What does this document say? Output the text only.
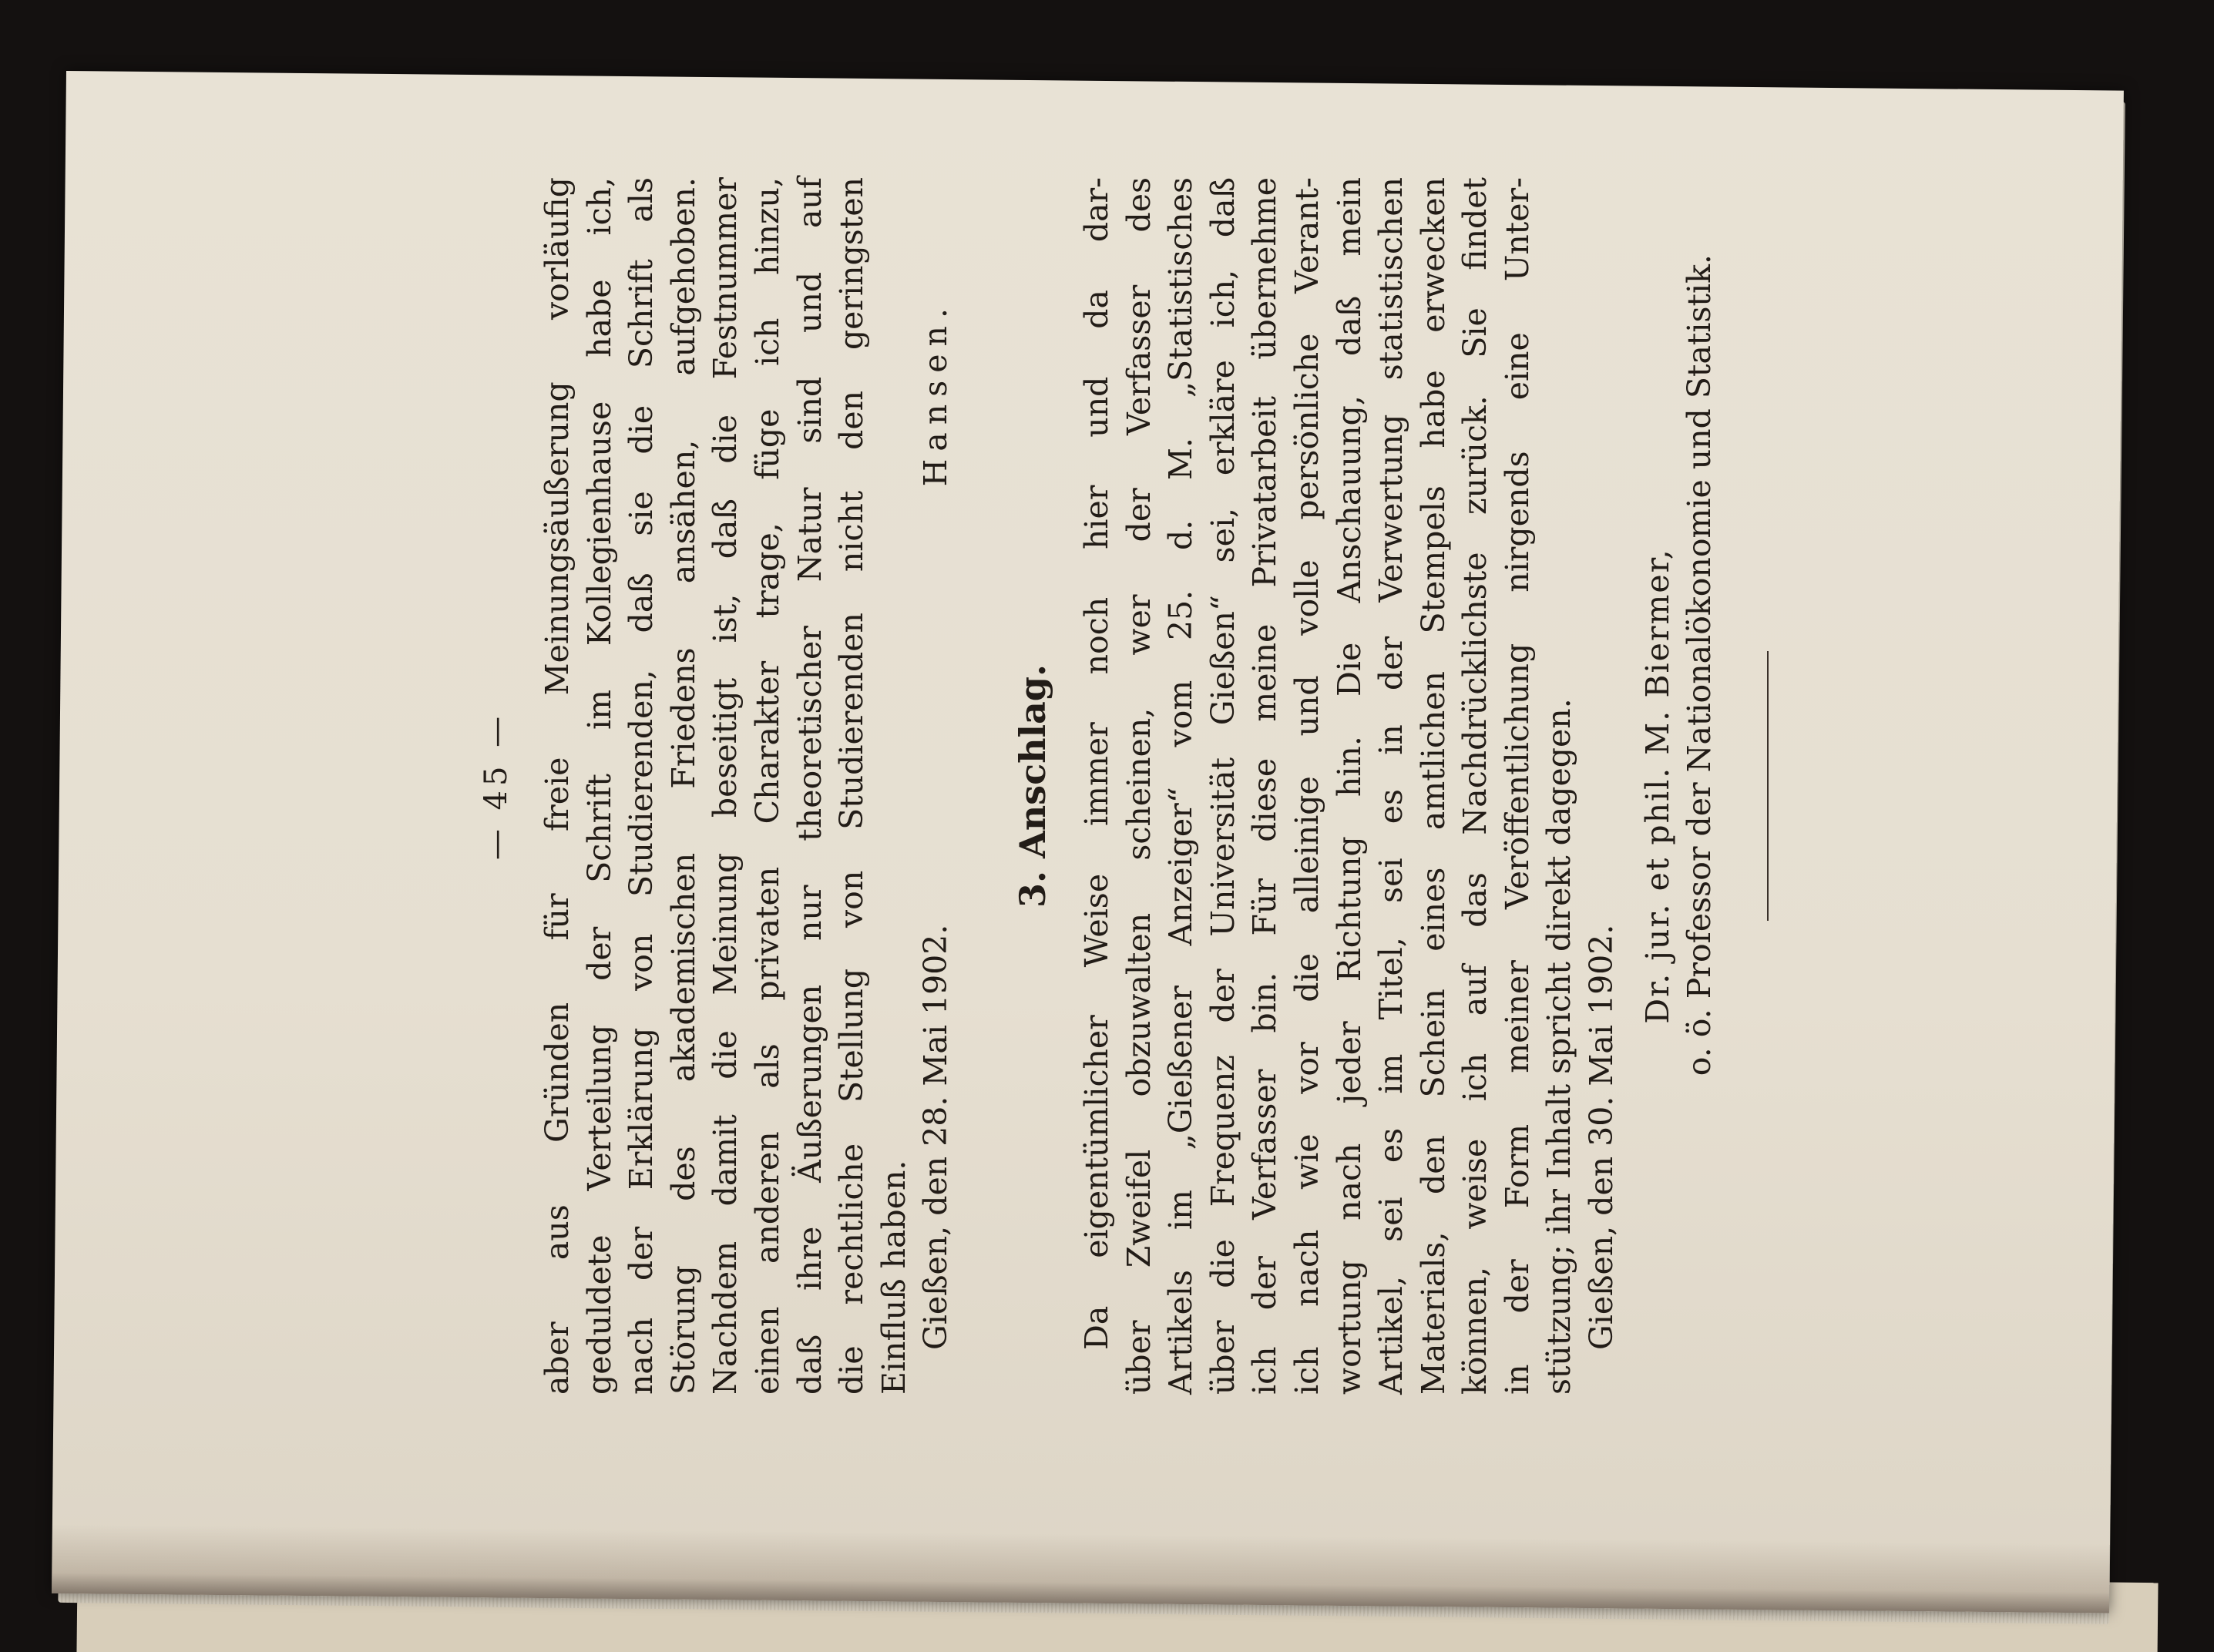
— 45 — aber aus Gründen für freie Meinungsäußerung vorläufig geduldete Verteilung der Schrift im Kollegienhause habe ich, nach der Erklärung von Studierenden, daß sie die Schrift als Störung des akademischen Friedens ansähen, aufgehoben. Nachdem damit die Meinung beseitigt ist, daß die Festnummer einen anderen als privaten Charakter trage, füge ich hinzu, daß ihre Äußerungen nur theoretischer Natur sind und auf die rechtliche Stellung von Studierenden nicht den geringsten Einfluß haben. Gießen, den 28. Mai 1902.
Hansen.
3. Anschlag. Da eigentümlicher Weise immer noch hier und da dar- über Zweifel obzuwalten scheinen, wer der Verfasser des Artikels im „Gießener Anzeiger“ vom 25. d. M. „Statistisches über die Frequenz der Universität Gießen“ sei, erkläre ich, daß ich der Verfasser bin. Für diese meine Privatarbeit übernehme ich nach wie vor die alleinige und volle persönliche Verant- wortung nach jeder Richtung hin. Die Anschauung, daß mein Artikel, sei es im Titel, sei es in der Verwertung statistischen Materials, den Schein eines amtlichen Stempels habe erwecken können, weise ich auf das Nachdrücklichste zurück. Sie findet in der Form meiner Veröffentlichung nirgends eine Unter- stützung; ihr Inhalt spricht direkt dagegen. Gießen, den 30. Mai 1902.
Dr. jur. et phil. M. Biermer, o. ö. Professor der Nationalökonomie und Statistik.
